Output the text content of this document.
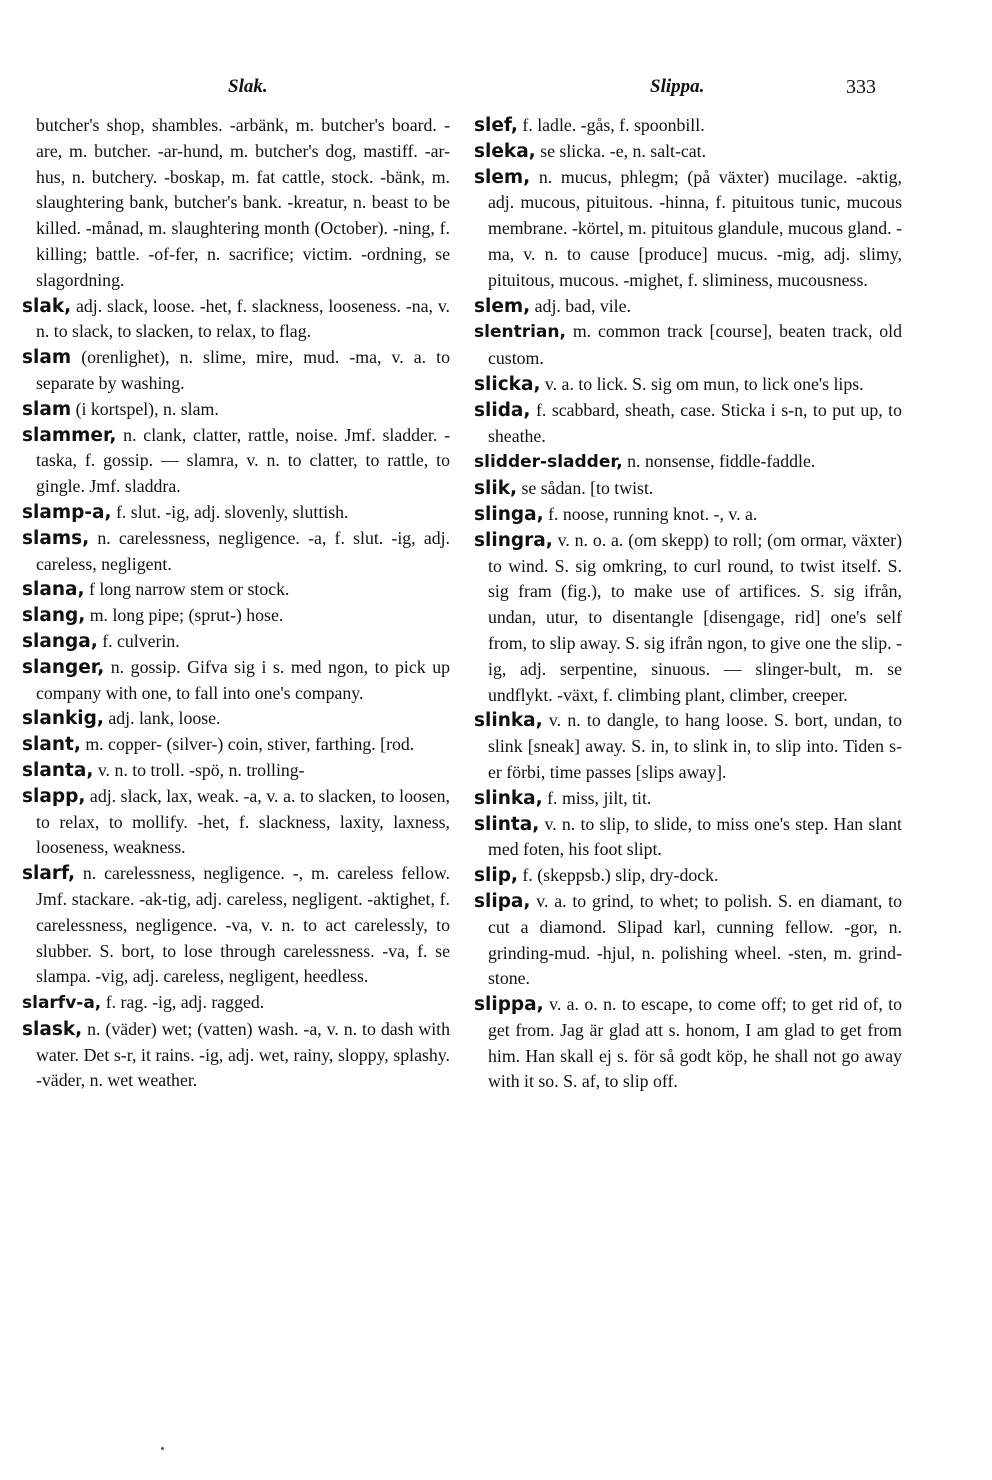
Slak.	Slippa.	333

butcher's shop, shambles. -arbänk, m. butcher's board. -are, m. butcher. -ar-hund, m. butcher's dog, mastiff. -ar-hus, n. butchery. -boskap, m. fat cattle, stock. -bänk, m. slaughtering bank, butcher's bank. -kreatur, n. beast to be killed. -månad, m. slaughtering month (October). -ning, f. killing; battle. -of-fer, n. sacrifice; victim. -ordning, se slagordning.

slak, adj. slack, loose. -het, f. slackness, looseness. -na, v. n. to slack, to slacken, to relax, to flag.

slam (orenlighet), n. slime, mire, mud. -ma, v. a. to separate by washing.

slam (i kortspel), n. slam.

slammer, n. clank, clatter, rattle, noise. Jmf. sladder. -taska, f. gossip. — slamra, v. n. to clatter, to rattle, to gingle. Jmf. sladdra.

slamp-a, f. slut. -ig, adj. slovenly, sluttish.

slams, n. carelessness, negligence. -a, f. slut. -ig, adj. careless, negligent.

slana, f long narrow stem or stock.

slang, m. long pipe; (sprut-) hose.

slanga, f. culverin.

slanger, n. gossip. Gifva sig i s. med ngon, to pick up company with one, to fall into one's company.

slankig, adj. lank, loose.

slant, m. copper- (silver-) coin, stiver, farthing. [rod.

slanta, v. n. to troll. -spö, n. trolling-

slapp, adj. slack, lax, weak. -a, v. a. to slacken, to loosen, to relax, to mollify. -het, f. slackness, laxity, laxness, looseness, weakness.

slarf, n. carelessness, negligence. -, m. careless fellow. Jmf. stackare. -ak-tig, adj. careless, negligent. -aktighet, f. carelessness, negligence. -va, v. n. to act carelessly, to slubber. S. bort, to lose through carelessness. -va, f. se slampa. -vig, adj. careless, negligent, heedless.

slarfv-a, f. rag. -ig, adj. ragged.

slask, n. (väder) wet; (vatten) wash. -a, v. n. to dash with water. Det s-r, it rains. -ig, adj. wet, rainy, sloppy, splashy. -väder, n. wet weather.

slef, f. ladle. -gås, f. spoonbill.

sleka, se slicka. -e, n. salt-cat.

slem, n. mucus, phlegm; (på växter) mucilage. -aktig, adj. mucous, pituitous. -hinna, f. pituitous tunic, mucous membrane. -körtel, m. pituitous glandule, mucous gland. -ma, v. n. to cause [produce] mucus. -mig, adj. slimy, pituitous, mucous. -mighet, f. sliminess, mucousness.

slem, adj. bad, vile.

slentrian, m. common track [course], beaten track, old custom.

slicka, v. a. to lick. S. sig om mun, to lick one's lips.

slida, f. scabbard, sheath, case. Sticka i s-n, to put up, to sheathe.

slidder-sladder, n. nonsense, fiddle-faddle.

slik, se sådan. [to twist.

slinga, f. noose, running knot. -, v. a.

slingra, v. n. o. a. (om skepp) to roll; (om ormar, växter) to wind. S. sig omkring, to curl round, to twist itself. S. sig fram (fig.), to make use of artifices. S. sig ifrån, undan, utur, to disentangle [disengage, rid] one's self from, to slip away. S. sig ifrån ngon, to give one the slip. -ig, adj. serpentine, sinuous. — slinger-bult, m. se undflykt. -växt, f. climbing plant, climber, creeper.

slinka, v. n. to dangle, to hang loose. S. bort, undan, to slink [sneak] away. S. in, to slink in, to slip into. Tiden s-er förbi, time passes [slips away].

slinka, f. miss, jilt, tit.

slinta, v. n. to slip, to slide, to miss one's step. Han slant med foten, his foot slipt.

slip, f. (skeppsb.) slip, dry-dock.

slipa, v. a. to grind, to whet; to polish. S. en diamant, to cut a diamond. Slipad karl, cunning fellow. -gor, n. grinding-mud. -hjul, n. polishing wheel. -sten, m. grind-stone.

slippa, v. a. o. n. to escape, to come off; to get rid of, to get from. Jag är glad att s. honom, I am glad to get from him. Han skall ej s. för så godt köp, he shall not go away with it so. S. af, to slip off.
